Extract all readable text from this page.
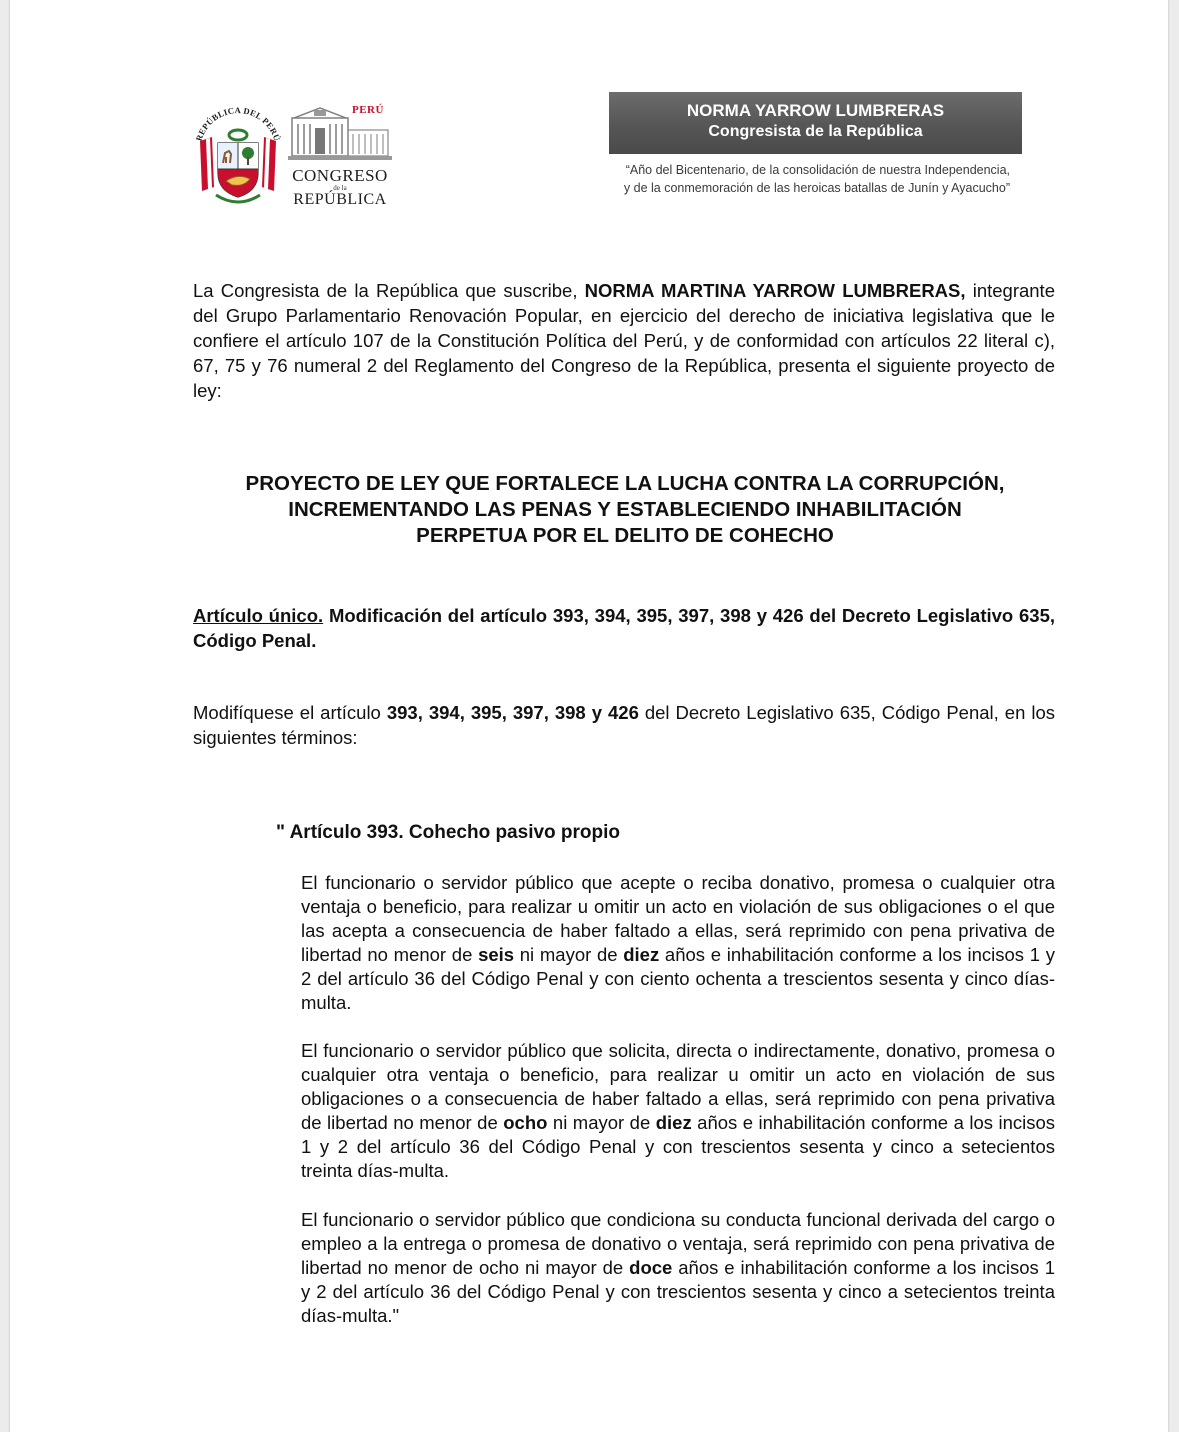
REPÚBLICA DEL PERÚ
PERÚ
CONGRESO
de la
REPÚBLICA
NORMA YARROW LUMBRERAS
Congresista de la República
“Año del Bicentenario, de la consolidación de nuestra Independencia,
y de la conmemoración de las heroicas batallas de Junín y Ayacucho”
La Congresista de la República que suscribe, NORMA MARTINA YARROW LUMBRERAS, integrante del Grupo Parlamentario Renovación Popular, en ejercicio del derecho de iniciativa legislativa que le confiere el artículo 107 de la Constitución Política del Perú, y de conformidad con artículos 22 literal c), 67, 75 y 76 numeral 2 del Reglamento del Congreso de la República, presenta el siguiente proyecto de ley:
PROYECTO DE LEY QUE FORTALECE LA LUCHA CONTRA LA CORRUPCIÓN,
INCREMENTANDO LAS PENAS Y ESTABLECIENDO INHABILITACIÓN
PERPETUA POR EL DELITO DE COHECHO
Artículo único. Modificación del artículo 393, 394, 395, 397, 398 y 426 del Decreto Legislativo 635, Código Penal.
Modifíquese el artículo 393, 394, 395, 397, 398 y 426 del Decreto Legislativo 635, Código Penal, en los siguientes términos:
" Artículo 393. Cohecho pasivo propio
El funcionario o servidor público que acepte o reciba donativo, promesa o cualquier otra ventaja o beneficio, para realizar u omitir un acto en violación de sus obligaciones o el que las acepta a consecuencia de haber faltado a ellas, será reprimido con pena privativa de libertad no menor de seis ni mayor de diez años e inhabilitación conforme a los incisos 1 y 2 del artículo 36 del Código Penal y con ciento ochenta a trescientos sesenta y cinco días-multa.
El funcionario o servidor público que solicita, directa o indirectamente, donativo, promesa o cualquier otra ventaja o beneficio, para realizar u omitir un acto en violación de sus obligaciones o a consecuencia de haber faltado a ellas, será reprimido con pena privativa de libertad no menor de ocho ni mayor de diez años e inhabilitación conforme a los incisos 1 y 2 del artículo 36 del Código Penal y con trescientos sesenta y cinco a setecientos treinta días-multa.
El funcionario o servidor público que condiciona su conducta funcional derivada del cargo o empleo a la entrega o promesa de donativo o ventaja, será reprimido con pena privativa de libertad no menor de ocho ni mayor de doce años e inhabilitación conforme a los incisos 1 y 2 del artículo 36 del Código Penal y con trescientos sesenta y cinco a setecientos treinta días-multa."
